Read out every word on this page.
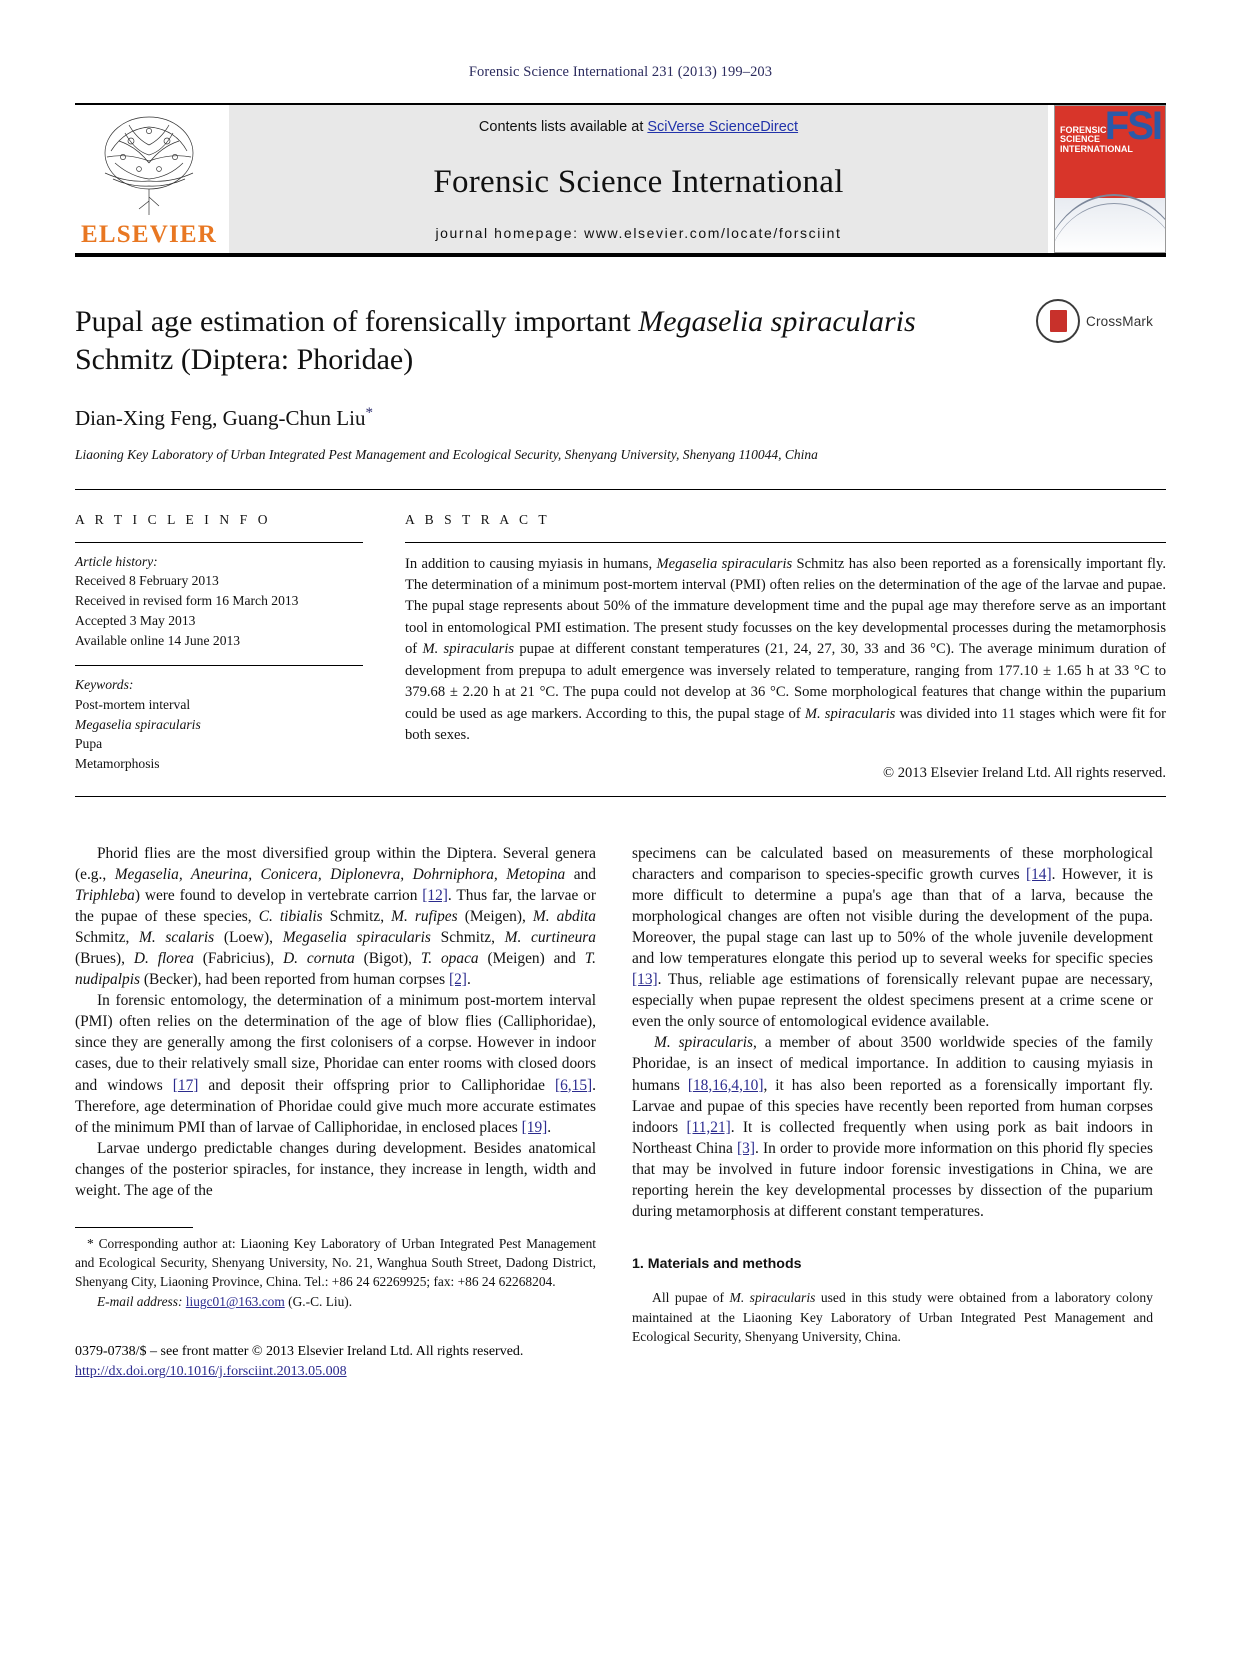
Forensic Science International 231 (2013) 199–203
ELSEVIER
Contents lists available at SciVerse ScienceDirect
Forensic Science International
journal homepage: www.elsevier.com/locate/forsciint
FORENSIC SCIENCE INTERNATIONAL
FSI
Pupal age estimation of forensically important Megaselia spiracularis Schmitz (Diptera: Phoridae)
CrossMark
Dian-Xing Feng, Guang-Chun Liu*
Liaoning Key Laboratory of Urban Integrated Pest Management and Ecological Security, Shenyang University, Shenyang 110044, China
A R T I C L E I N F O
Article history:
Received 8 February 2013
Received in revised form 16 March 2013
Accepted 3 May 2013
Available online 14 June 2013
Keywords:
Post-mortem interval
Megaselia spiracularis
Pupa
Metamorphosis
A B S T R A C T
In addition to causing myiasis in humans, Megaselia spiracularis Schmitz has also been reported as a forensically important fly. The determination of a minimum post-mortem interval (PMI) often relies on the determination of the age of the larvae and pupae. The pupal stage represents about 50% of the immature development time and the pupal age may therefore serve as an important tool in entomological PMI estimation. The present study focusses on the key developmental processes during the metamorphosis of M. spiracularis pupae at different constant temperatures (21, 24, 27, 30, 33 and 36 °C). The average minimum duration of development from prepupa to adult emergence was inversely related to temperature, ranging from 177.10 ± 1.65 h at 33 °C to 379.68 ± 2.20 h at 21 °C. The pupa could not develop at 36 °C. Some morphological features that change within the puparium could be used as age markers. According to this, the pupal stage of M. spiracularis was divided into 11 stages which were fit for both sexes.
© 2013 Elsevier Ireland Ltd. All rights reserved.

Phorid flies are the most diversified group within the Diptera. Several genera (e.g., Megaselia, Aneurina, Conicera, Diplonevra, Dohrniphora, Metopina and Triphleba) were found to develop in vertebrate carrion [12]. Thus far, the larvae or the pupae of these species, C. tibialis Schmitz, M. rufipes (Meigen), M. abdita Schmitz, M. scalaris (Loew), Megaselia spiracularis Schmitz, M. curtineura (Brues), D. florea (Fabricius), D. cornuta (Bigot), T. opaca (Meigen) and T. nudipalpis (Becker), had been reported from human corpses [2].

In forensic entomology, the determination of a minimum post-mortem interval (PMI) often relies on the determination of the age of blow flies (Calliphoridae), since they are generally among the first colonisers of a corpse. However in indoor cases, due to their relatively small size, Phoridae can enter rooms with closed doors and windows [17] and deposit their offspring prior to Calliphoridae [6,15]. Therefore, age determination of Phoridae could give much more accurate estimates of the minimum PMI than of larvae of Calliphoridae, in enclosed places [19].

Larvae undergo predictable changes during development. Besides anatomical changes of the posterior spiracles, for instance, they increase in length, width and weight. The age of the

* Corresponding author at: Liaoning Key Laboratory of Urban Integrated Pest Management and Ecological Security, Shenyang University, No. 21, Wanghua South Street, Dadong District, Shenyang City, Liaoning Province, China. Tel.: +86 24 62269925; fax: +86 24 62268204.

E-mail address: liugc01@163.com (G.-C. Liu).

0379-0738/$ – see front matter © 2013 Elsevier Ireland Ltd. All rights reserved.
http://dx.doi.org/10.1016/j.forsciint.2013.05.008

specimens can be calculated based on measurements of these morphological characters and comparison to species-specific growth curves [14]. However, it is more difficult to determine a pupa's age than that of a larva, because the morphological changes are often not visible during the development of the pupa. Moreover, the pupal stage can last up to 50% of the whole juvenile development and low temperatures elongate this period up to several weeks for specific species [13]. Thus, reliable age estimations of forensically relevant pupae are necessary, especially when pupae represent the oldest specimens present at a crime scene or even the only source of entomological evidence available.

M. spiracularis, a member of about 3500 worldwide species of the family Phoridae, is an insect of medical importance. In addition to causing myiasis in humans [18,16,4,10], it has also been reported as a forensically important fly. Larvae and pupae of this species have recently been reported from human corpses indoors [11,21]. It is collected frequently when using pork as bait indoors in Northeast China [3]. In order to provide more information on this phorid fly species that may be involved in future indoor forensic investigations in China, we are reporting herein the key developmental processes by dissection of the puparium during metamorphosis at different constant temperatures.

1. Materials and methods

All pupae of M. spiracularis used in this study were obtained from a laboratory colony maintained at the Liaoning Key Laboratory of Urban Integrated Pest Management and Ecological Security, Shenyang University, China.
